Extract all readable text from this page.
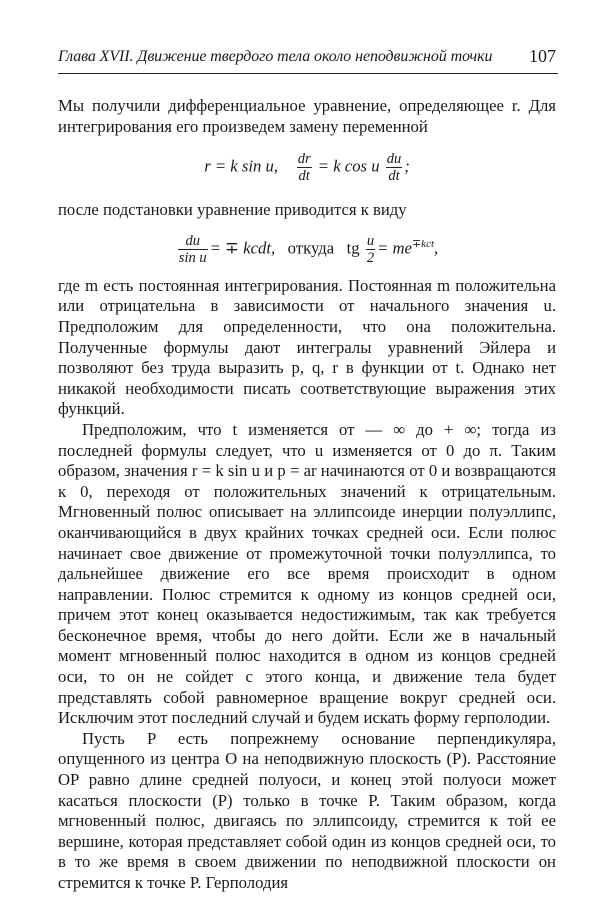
Глава XVII. Движение твердого тела около неподвижной точки 107

Мы получили дифференциальное уравнение, определяющее r. Для интегрирования его произведем замену переменной

r = k sin u, $\frac{dr}{dt} = k$ cos u $\frac{du}{dt}$ ;

после подстановки уравнение приводится к виду

$\frac{du}{\text{sin u}}$ = ∓ kcdt, откуда tg $\frac{u}{2} = me^{\mp kct}$,

где m есть постоянная интегрирования. Постоянная m положительна или отрицательна в зависимости от начального значения u. Предположим для определенности, что она положительна. Полученные формулы дают интегралы уравнений Эйлера и позволяют без труда выразить p, q, r в функции от t. Однако нет никакой необходимости писать соответствующие выражения этих функций.

Предположим, что t изменяется от — ∞ до + ∞; тогда из последней формулы следует, что u изменяется от 0 до π. Таким образом, значения r = k sin u и p = ar начинаются от 0 и возвращаются к 0, переходя от положительных значений к отрицательным. Мгновенный полюс описывает на эллипсоиде инерции полуэллипс, оканчивающийся в двух крайних точках средней оси. Если полюс начинает свое движение от промежуточной точки полуэллипса, то дальнейшее движение его все время происходит в одном направлении. Полюс стремится к одному из концов средней оси, причем этот конец оказывается недостижимым, так как требуется бесконечное время, чтобы до него дойти. Если же в начальный момент мгновенный полюс находится в одном из концов средней оси, то он не сойдет с этого конца, и движение тела будет представлять собой равномерное вращение вокруг средней оси. Исключим этот последний случай и будем искать форму герполодии.

Пусть P есть попрежнему основание перпендикуляра, опущенного из центра O на неподвижную плоскость (P). Расстояние OP равно длине средней полуоси, и конец этой полуоси может касаться плоскости (P) только в точке P. Таким образом, когда мгновенный полюс, двигаясь по эллипсоиду, стремится к той ее вершине, которая представляет собой один из концов средней оси, то в то же время в своем движении по неподвижной плоскости он стремится к точке P. Герполодия
